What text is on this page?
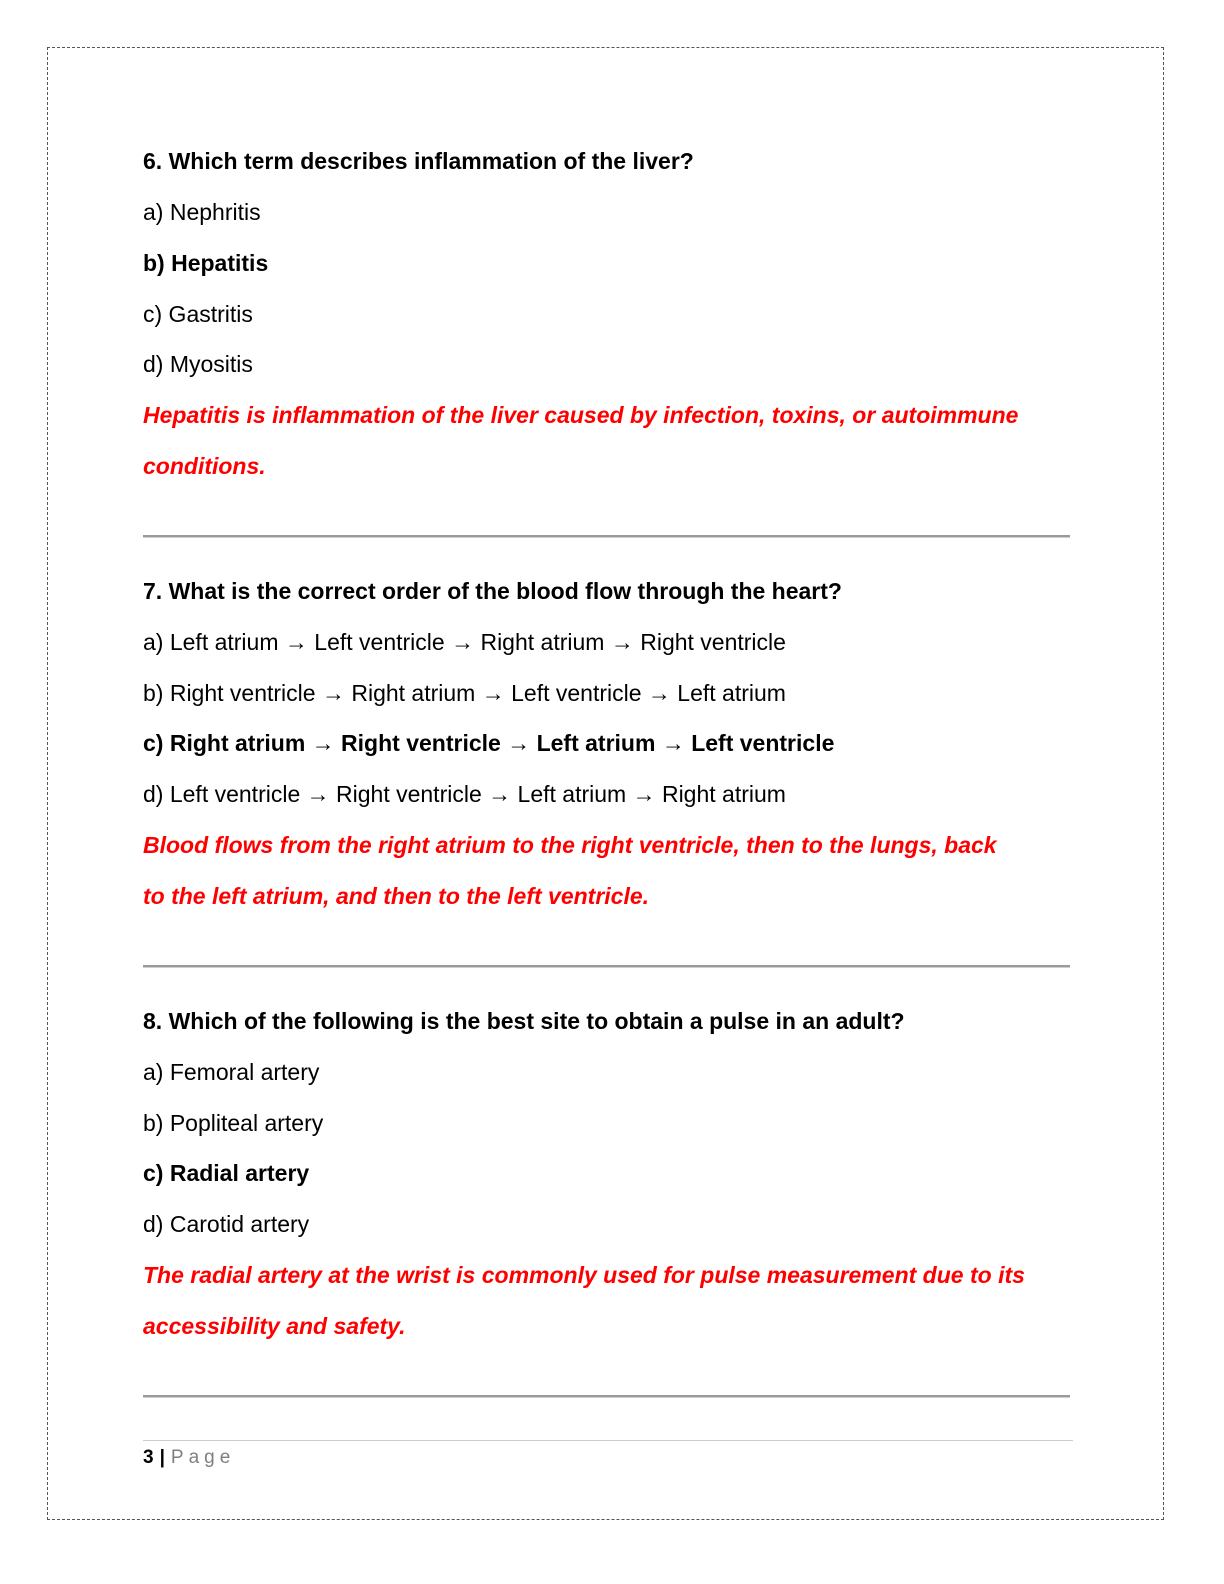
6. Which term describes inflammation of the liver?
a) Nephritis
b) Hepatitis
c) Gastritis
d) Myositis
Hepatitis is inflammation of the liver caused by infection, toxins, or autoimmune
conditions.
7. What is the correct order of the blood flow through the heart?
a) Left atrium → Left ventricle → Right atrium → Right ventricle
b) Right ventricle → Right atrium → Left ventricle → Left atrium
c) Right atrium → Right ventricle → Left atrium → Left ventricle
d) Left ventricle → Right ventricle → Left atrium → Right atrium
Blood flows from the right atrium to the right ventricle, then to the lungs, back
to the left atrium, and then to the left ventricle.
8. Which of the following is the best site to obtain a pulse in an adult?
a) Femoral artery
b) Popliteal artery
c) Radial artery
d) Carotid artery
The radial artery at the wrist is commonly used for pulse measurement due to its
accessibility and safety.
3 | Page
